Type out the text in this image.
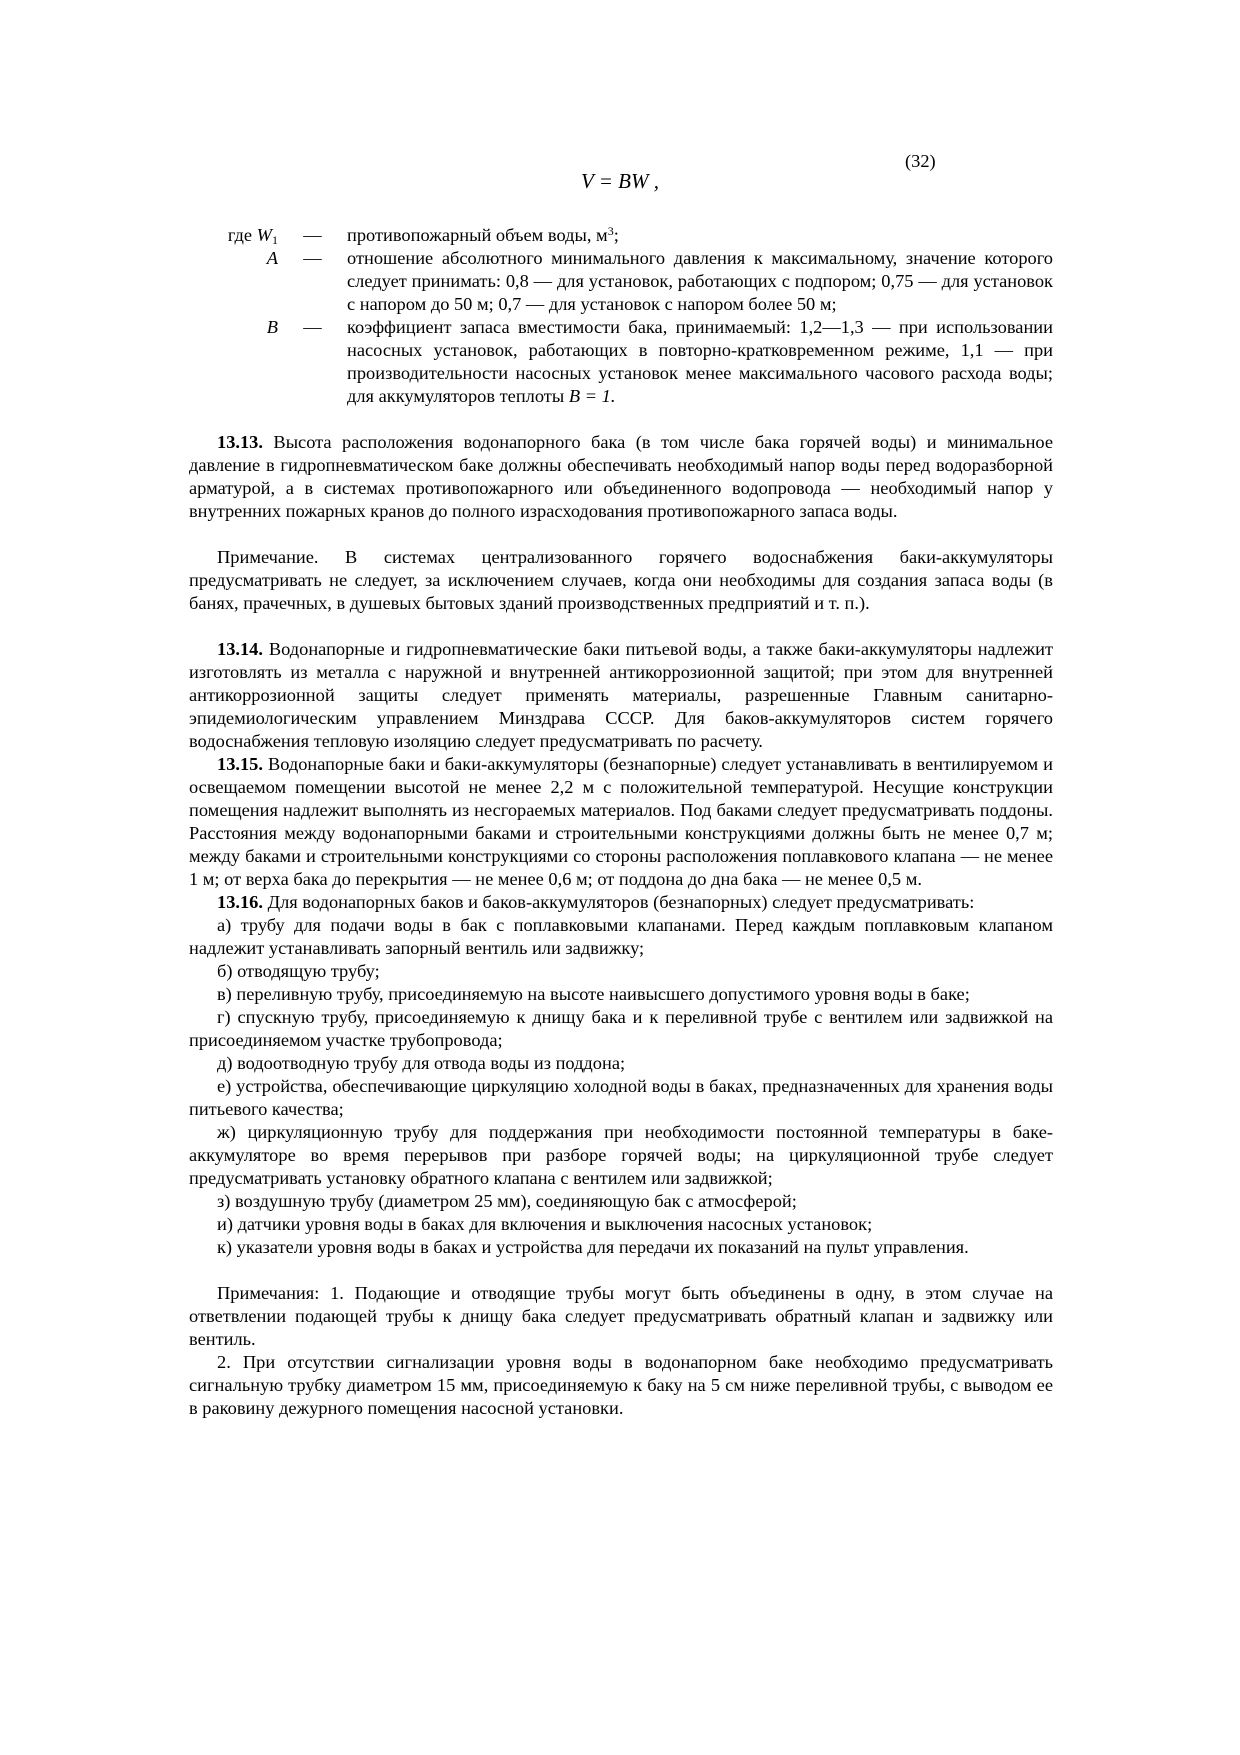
(32)
V = BW ,
где $W_1$ — противопожарный объем воды, $м^3$;
A — отношение абсолютного минимального давления к максимальному, значение которого следует принимать: 0,8 — для установок, работающих с подпором; 0,75 — для установок с напором до 50 м; 0,7 — для установок с напором более 50 м;
B — коэффициент запаса вместимости бака, принимаемый: 1,2—1,3 — при использовании насосных установок, работающих в повторно-кратковременном режиме, 1,1 — при производительности насосных установок менее максимального часового расхода воды; для аккумуляторов теплоты B = 1.

13.13. Высота расположения водонапорного бака (в том числе бака горячей воды) и минимальное давление в гидропневматическом баке должны обеспечивать необходимый напор воды перед водоразборной арматурой, а в системах противопожарного или объединенного водопровода — необходимый напор у внутренних пожарных кранов до полного израсходования противопожарного запаса воды.

Примечание. В системах централизованного горячего водоснабжения баки-аккумуляторы предусматривать не следует, за исключением случаев, когда они необходимы для создания запаса воды (в банях, прачечных, в душевых бытовых зданий производственных предприятий и т. п.).

13.14. Водонапорные и гидропневматические баки питьевой воды, а также баки-аккумуляторы надлежит изготовлять из металла с наружной и внутренней антикоррозионной защитой; при этом для внутренней антикоррозионной защиты следует применять материалы, разрешенные Главным санитарно-эпидемиологическим управлением Минздрава СССР. Для баков-аккумуляторов систем горячего водоснабжения тепловую изоляцию следует предусматривать по расчету.

13.15. Водонапорные баки и баки-аккумуляторы (безнапорные) следует устанавливать в вентилируемом и освещаемом помещении высотой не менее 2,2 м с положительной температурой. Несущие конструкции помещения надлежит выполнять из несгораемых материалов. Под баками следует предусматривать поддоны. Расстояния между водонапорными баками и строительными конструкциями должны быть не менее 0,7 м; между баками и строительными конструкциями со стороны расположения поплавкового клапана — не менее 1 м; от верха бака до перекрытия — не менее 0,6 м; от поддона до дна бака — не менее 0,5 м.

13.16. Для водонапорных баков и баков-аккумуляторов (безнапорных) следует предусматривать:

а) трубу для подачи воды в бак с поплавковыми клапанами. Перед каждым поплавковым клапаном надлежит устанавливать запорный вентиль или задвижку;

б) отводящую трубу;

в) переливную трубу, присоединяемую на высоте наивысшего допустимого уровня воды в баке;

г) спускную трубу, присоединяемую к днищу бака и к переливной трубе с вентилем или задвижкой на присоединяемом участке трубопровода;

д) водоотводную трубу для отвода воды из поддона;

е) устройства, обеспечивающие циркуляцию холодной воды в баках, предназначенных для хранения воды питьевого качества;

ж) циркуляционную трубу для поддержания при необходимости постоянной температуры в баке-аккумуляторе во время перерывов при разборе горячей воды; на циркуляционной трубе следует предусматривать установку обратного клапана с вентилем или задвижкой;

з) воздушную трубу (диаметром 25 мм), соединяющую бак с атмосферой;

и) датчики уровня воды в баках для включения и выключения насосных установок;

к) указатели уровня воды в баках и устройства для передачи их показаний на пульт управления.

Примечания: 1. Подающие и отводящие трубы могут быть объединены в одну, в этом случае на ответвлении подающей трубы к днищу бака следует предусматривать обратный клапан и задвижку или вентиль.

2. При отсутствии сигнализации уровня воды в водонапорном баке необходимо предусматривать сигнальную трубку диаметром 15 мм, присоединяемую к баку на 5 см ниже переливной трубы, с выводом ее в раковину дежурного помещения насосной установки.
